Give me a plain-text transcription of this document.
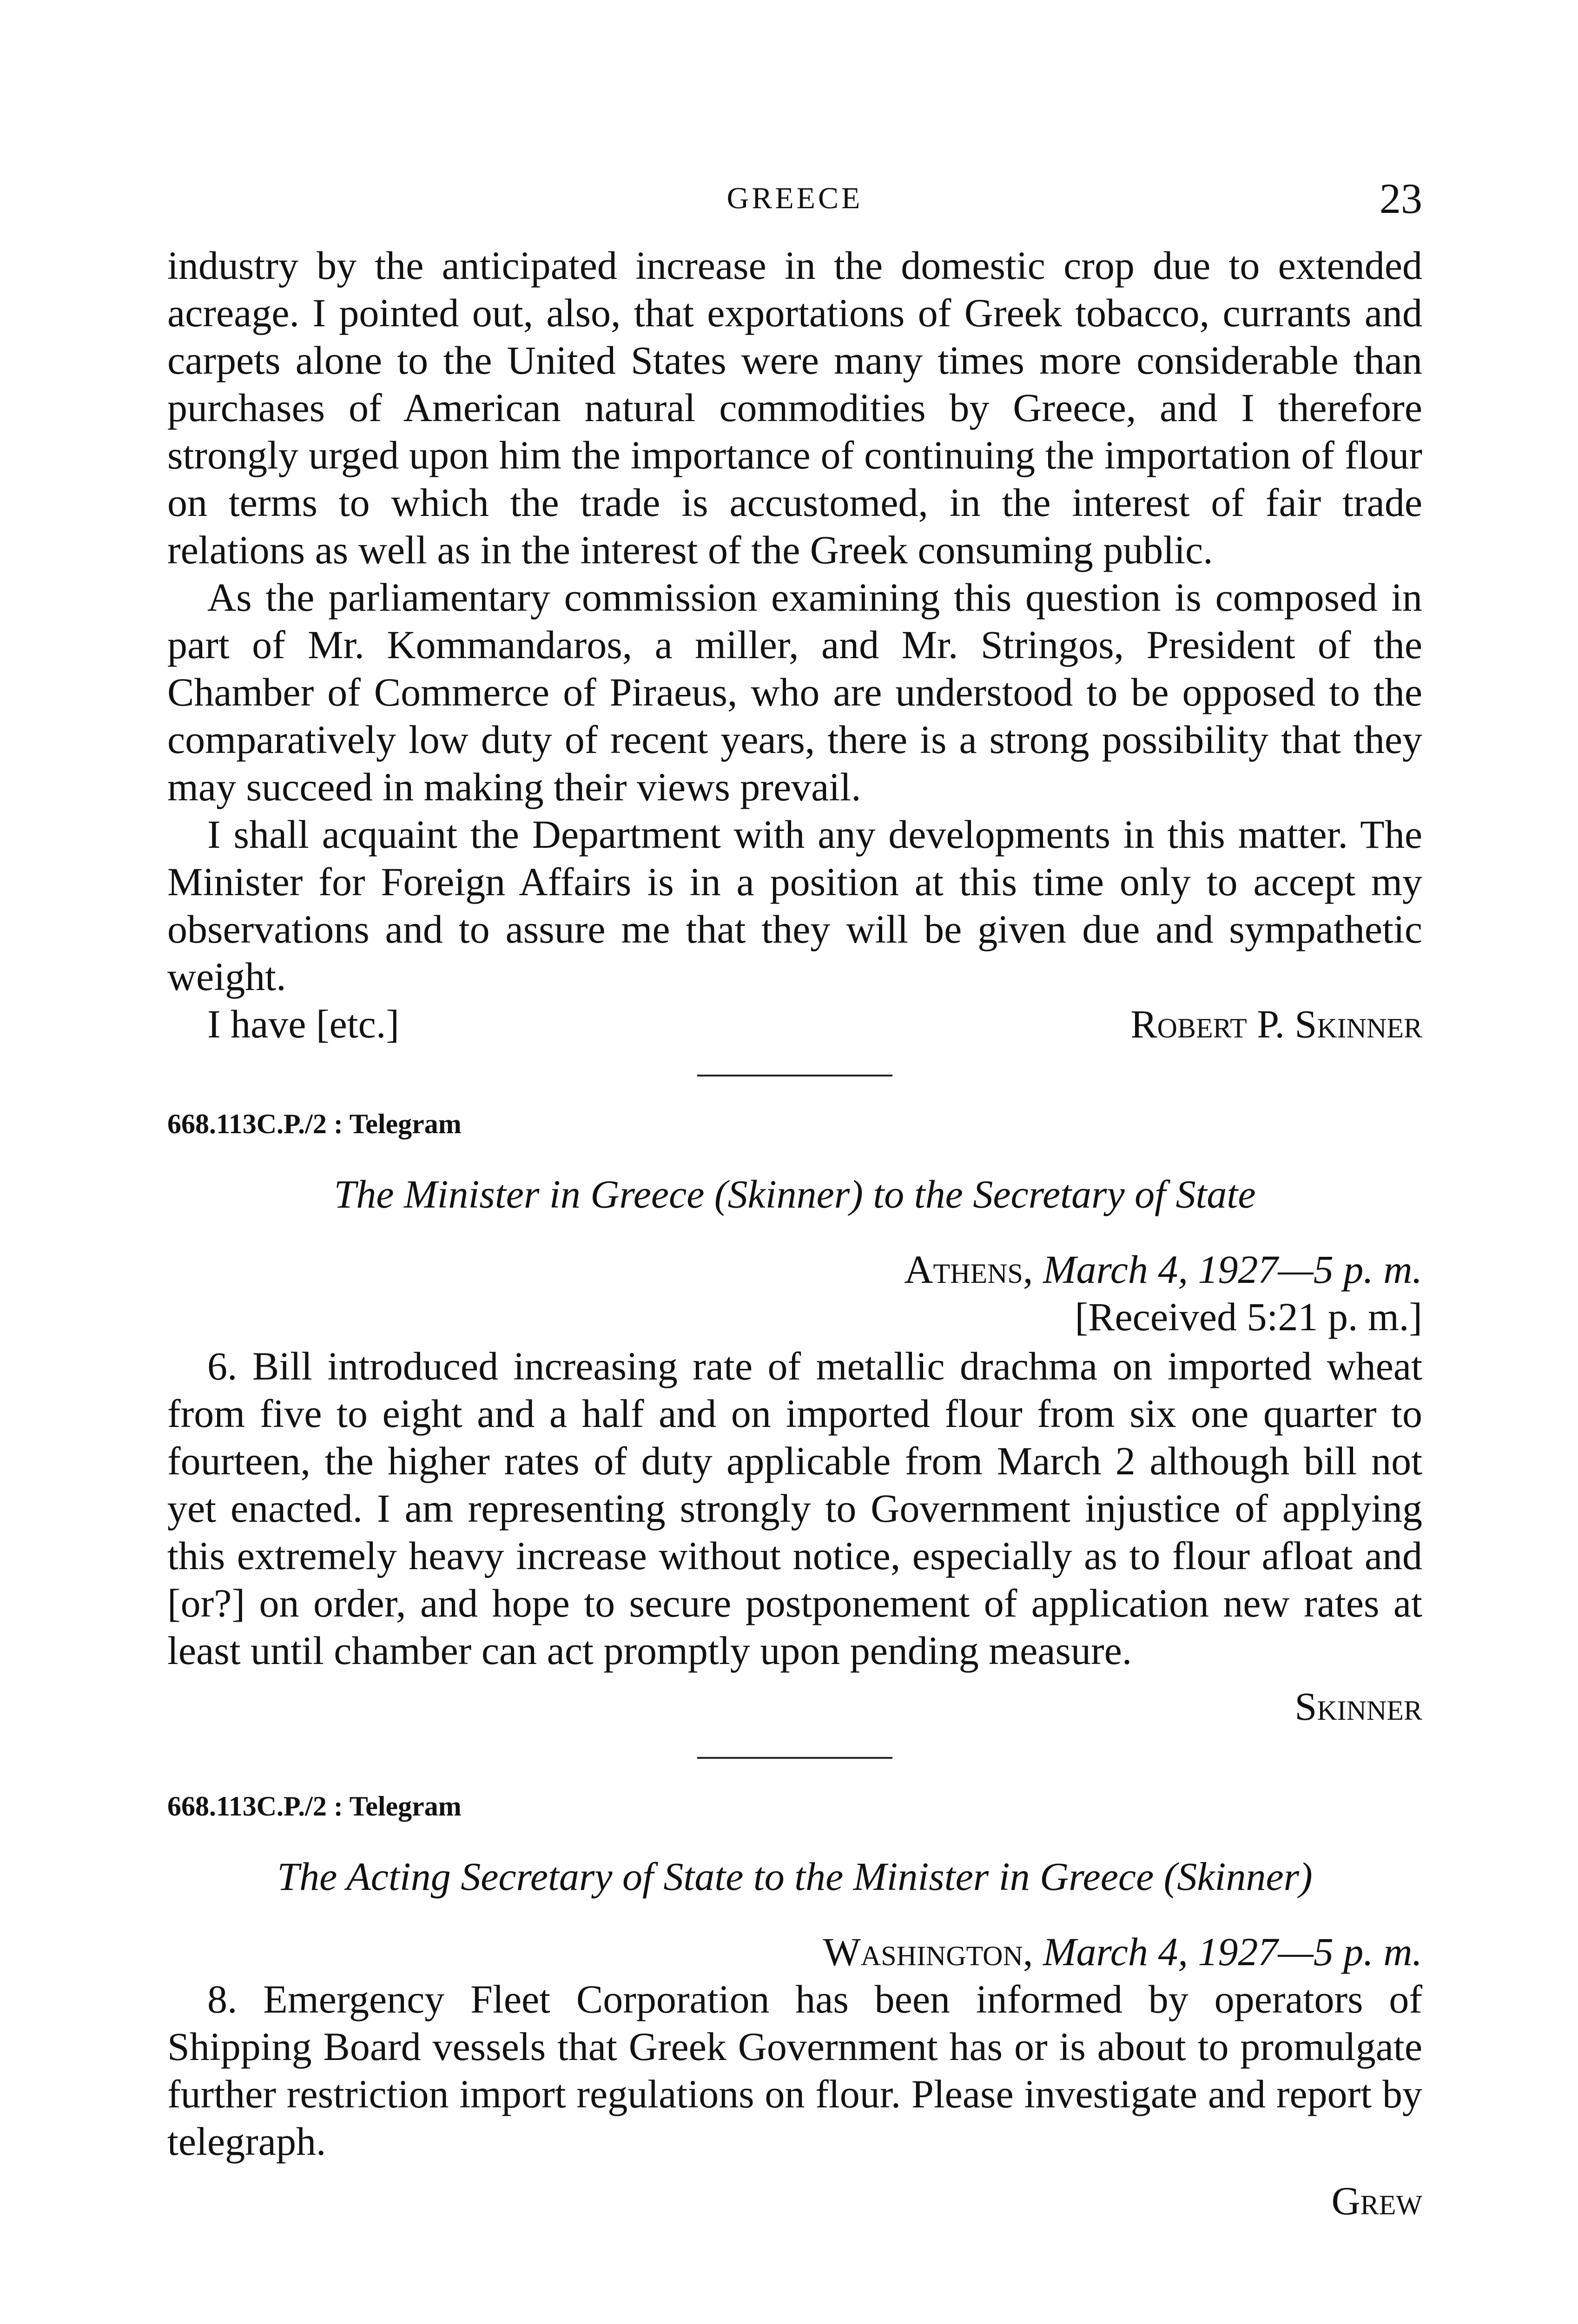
GREECE	23

industry by the anticipated increase in the domestic crop due to extended acreage. I pointed out, also, that exportations of Greek tobacco, currants and carpets alone to the United States were many times more considerable than purchases of American natural commodities by Greece, and I therefore strongly urged upon him the importance of continuing the importation of flour on terms to which the trade is accustomed, in the interest of fair trade relations as well as in the interest of the Greek consuming public.

As the parliamentary commission examining this question is composed in part of Mr. Kommandaros, a miller, and Mr. Stringos, President of the Chamber of Commerce of Piraeus, who are understood to be opposed to the comparatively low duty of recent years, there is a strong possibility that they may succeed in making their views prevail.

I shall acquaint the Department with any developments in this matter. The Minister for Foreign Affairs is in a position at this time only to accept my observations and to assure me that they will be given due and sympathetic weight.

I have [etc.]	Robert P. Skinner
668.113C.P./2 : Telegram
The Minister in Greece (Skinner) to the Secretary of State
Athens, March 4, 1927—5 p. m.
[Received 5:21 p. m.]

6. Bill introduced increasing rate of metallic drachma on imported wheat from five to eight and a half and on imported flour from six one quarter to fourteen, the higher rates of duty applicable from March 2 although bill not yet enacted. I am representing strongly to Government injustice of applying this extremely heavy increase without notice, especially as to flour afloat and [or?] on order, and hope to secure postponement of application new rates at least until chamber can act promptly upon pending measure.

Skinner
668.113C.P./2 : Telegram
The Acting Secretary of State to the Minister in Greece (Skinner)
Washington, March 4, 1927—5 p. m.

8. Emergency Fleet Corporation has been informed by operators of Shipping Board vessels that Greek Government has or is about to promulgate further restriction import regulations on flour. Please investigate and report by telegraph.

Grew
